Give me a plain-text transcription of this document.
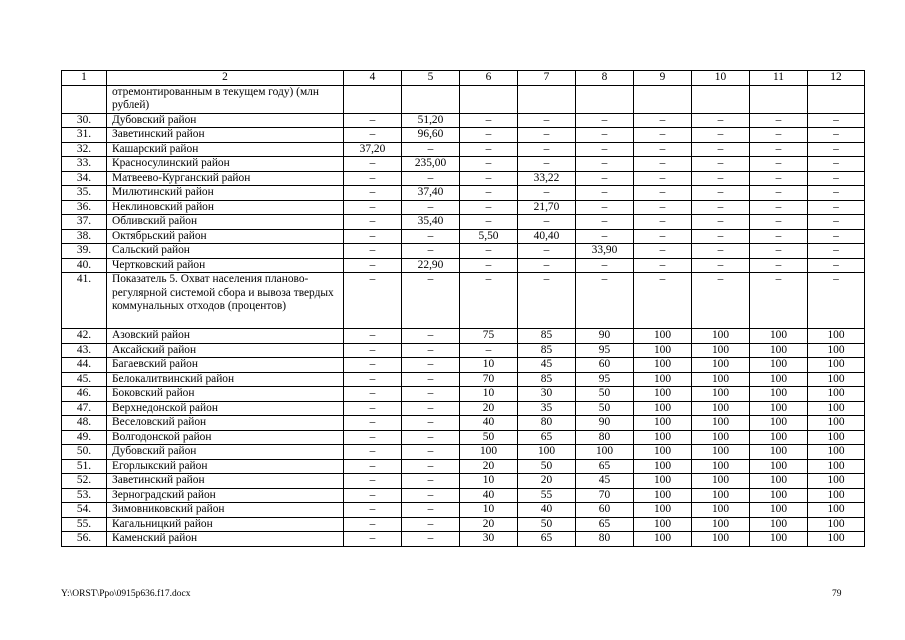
1	2	4	5	6	7	8	9	10	11	12
	отремонтированным в текущем году) (млн рублей)									
30.	Дубовский район	–	51,20	–	–	–	–	–	–	–
31.	Заветинский район	–	96,60	–	–	–	–	–	–	–
32.	Кашарский район	37,20	–	–	–	–	–	–	–	–
33.	Красносулинский район	–	235,00	–	–	–	–	–	–	–
34.	Матвеево-Курганский район	–	–	–	33,22	–	–	–	–	–
35.	Милютинский район	–	37,40	–	–	–	–	–	–	–
36.	Неклиновский район	–	–	–	21,70	–	–	–	–	–
37.	Обливский район	–	35,40	–	–	–	–	–	–	–
38.	Октябрьский район	–	–	5,50	40,40	–	–	–	–	–
39.	Сальский район	–	–	–	–	33,90	–	–	–	–
40.	Чертковский район	–	22,90	–	–	–	–	–	–	–
41.	Показатель 5. Охват населения планово-регулярной системой сбора и вывоза твердых коммунальных отходов (процентов)	–	–	–	–	–	–	–	–	–
42.	Азовский район	–	–	75	85	90	100	100	100	100
43.	Аксайский район	–	–	–	85	95	100	100	100	100
44.	Багаевский район	–	–	10	45	60	100	100	100	100
45.	Белокалитвинский район	–	–	70	85	95	100	100	100	100
46.	Боковский район	–	–	10	30	50	100	100	100	100
47.	Верхнедонской район	–	–	20	35	50	100	100	100	100
48.	Веселовский район	–	–	40	80	90	100	100	100	100
49.	Волгодонской район	–	–	50	65	80	100	100	100	100
50.	Дубовский район	–	–	100	100	100	100	100	100	100
51.	Егорлыкский район	–	–	20	50	65	100	100	100	100
52.	Заветинский район	–	–	10	20	45	100	100	100	100
53.	Зерноградский район	–	–	40	55	70	100	100	100	100
54.	Зимовниковский район	–	–	10	40	60	100	100	100	100
55.	Кагальницкий район	–	–	20	50	65	100	100	100	100
56.	Каменский район	–	–	30	65	80	100	100	100	100
Y:\ORST\Ppo\0915p636.f17.docx	79
